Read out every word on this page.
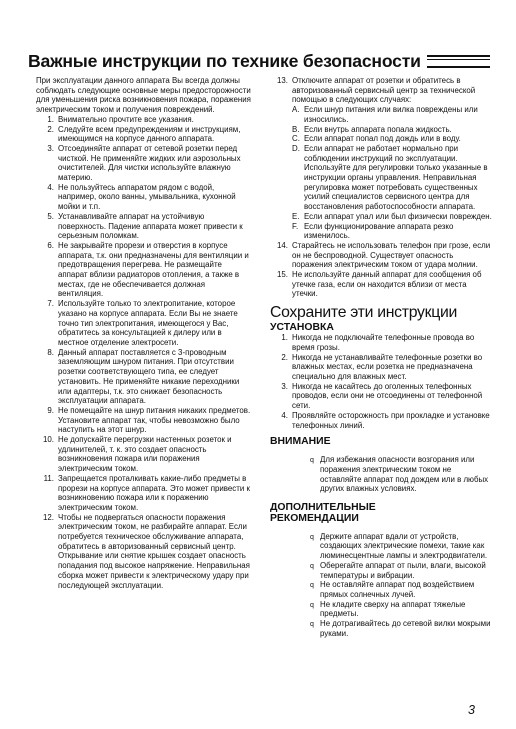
Важные инструкции по технике безопасности

При эксплуатации данного аппарата Вы всегда должны соблюдать следующие основные меры предосторожности для уменьшения риска возникновения пожара, поражения электрическим током и получения повреждений.

1. Внимательно прочтите все указания.
2. Следуйте всем предупреждениям и инструкциям, имеющимся на корпусе данного аппарата.
3. Отсоединяйте аппарат от сетевой розетки перед чисткой. Не применяйте жидких или аэрозольных очистителей. Для чистки используйте влажную материю.
4. Не пользуйтесь аппаратом рядом с водой, например, около ванны, умывальника, кухонной мойки и т.п.
5. Устанавливайте аппарат на устойчивую поверхность. Падение аппарата может привести к серьезным поломкам.
6. Не закрывайте прорези и отверстия в корпусе аппарата, т.к. они предназначены для вентиляции и предотвращения перегрева. Не размещайте аппарат вблизи радиаторов отопления, а также в местах, где не обеспечивается должная вентиляция.
7. Используйте только то электропитание, которое указано на корпусе аппарата. Если Вы не знаете точно тип электропитания, имеющегося у Вас, обратитесь за консультацией к дилеру или в местное отделение электросети.
8. Данный аппарат поставляется с 3-проводным заземляющим шнуром питания. При отсутствии розетки соответствующего типа, ее следует установить. Не применяйте никакие переходники или адаптеры, т.к. это снижает безопасность эксплуатации аппарата.
9. Не помещайте на шнур питания никаких предметов. Установите аппарат так, чтобы невозможно было наступить на этот шнур.
10. Не допускайте перегрузки настенных розеток и удлинителей, т. к. это создает опасность возникновения пожара или поражения электрическим током.
11. Запрещается проталкивать какие-либо предметы в прорези на корпусе аппарата. Это может привести к возникновению пожара или к поражению электрическим током.
12. Чтобы не подвергаться опасности поражения электрическим током, не разбирайте аппарат. Если потребуется техническое обслуживание аппарата, обратитесь в авторизованный сервисный центр. Открывание или снятие крышек создает опасность попадания под высокое напряжение. Неправильная сборка может привести к электрическому удару при последующей эксплуатации.
13. Отключите аппарат от розетки и обратитесь в авторизованный сервисный центр за технической помощью в следующих случаях:
A. Если шнур питания или вилка повреждены или износились.
B. Если внутрь аппарата попала жидкость.
C. Если аппарат попал под дождь или в воду.
D. Если аппарат не работает нормально при соблюдении инструкций по эксплуатации. Используйте для регулировки только указанные в инструкции органы управления. Неправильная регулировка может потребовать существенных усилий специалистов сервисного центра для восстановления работоспособности аппарата.
E. Если аппарат упал или был физически поврежден.
F. Если функционирование аппарата резко изменилось.
14. Старайтесь не использовать телефон при грозе, если он не беспроводной. Существует опасность поражения электрическим током от удара молнии.
15. Не используйте данный аппарат для сообщения об утечке газа, если он находится вблизи от места утечки.
Сохраните эти инструкции
УСТАНОВКА
1. Никогда не подключайте телефонные провода во время грозы.
2. Никогда не устанавливайте телефонные розетки во влажных местах, если розетка не предназначена специально для влажных мест.
3. Никогда не касайтесь до оголенных телефонных проводов, если они не отсоединены от телефонной сети.
4. Проявляйте осторожность при прокладке и установке телефонных линий.
ВНИМАНИЕ
q Для избежания опасности возгорания или поражения электрическим током не оставляйте аппарат под дождем или в любых других влажных условиях.
ДОПОЛНИТЕЛЬНЫЕ
РЕКОМЕНДАЦИИ
q Держите аппарат вдали от устройств, создающих электрические помехи, такие как люминесцентные лампы и электродвигатели.
q Оберегайте аппарат от пыли, влаги, высокой температуры и вибрации.
q Не оставляйте аппарат под воздействием прямых солнечных лучей.
q Не кладите сверху на аппарат тяжелые предметы.
q Не дотрагивайтесь до сетевой вилки мокрыми руками.
3
